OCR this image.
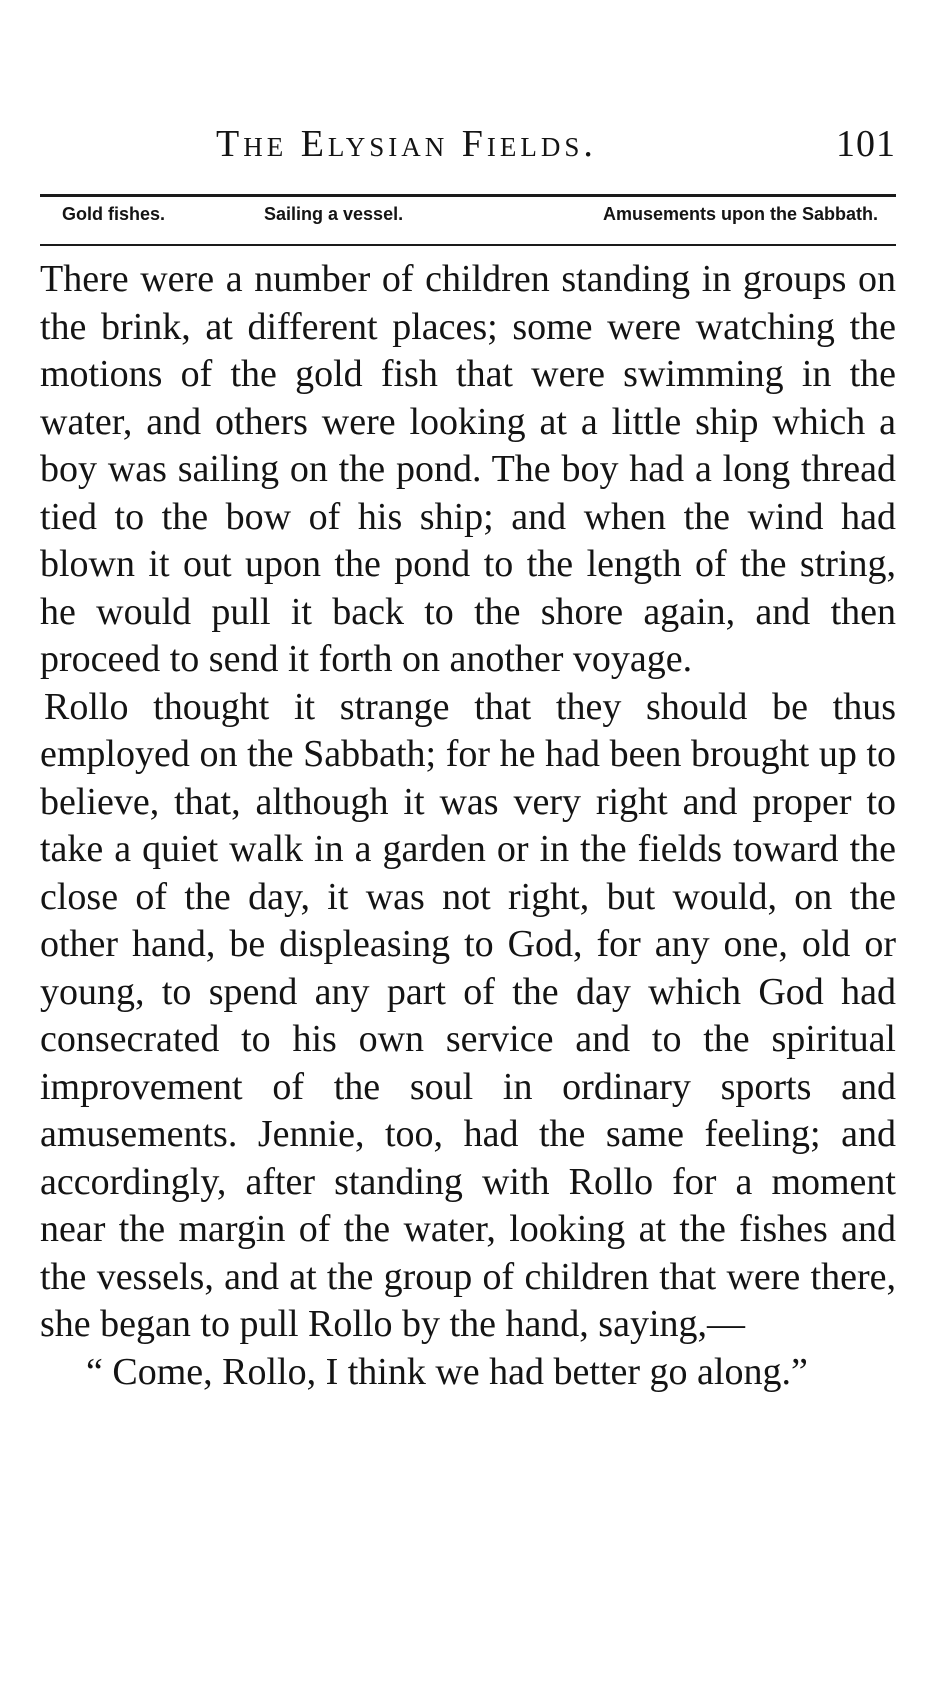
The Elysian Fields.	101
Gold fishes.	Sailing a vessel.	Amusements upon the Sabbath.

There were a number of children standing in groups on the brink, at different places; some were watching the motions of the gold fish that were swimming in the water, and others were looking at a little ship which a boy was sailing on the pond. The boy had a long thread tied to the bow of his ship; and when the wind had blown it out upon the pond to the length of the string, he would pull it back to the shore again, and then proceed to send it forth on another voyage.

Rollo thought it strange that they should be thus employed on the Sabbath; for he had been brought up to believe, that, although it was very right and proper to take a quiet walk in a garden or in the fields toward the close of the day, it was not right, but would, on the other hand, be displeasing to God, for any one, old or young, to spend any part of the day which God had consecrated to his own service and to the spiritual improvement of the soul in ordinary sports and amusements. Jennie, too, had the same feeling; and accordingly, after standing with Rollo for a moment near the margin of the water, looking at the fishes and the vessels, and at the group of children that were there, she began to pull Rollo by the hand, saying,—

“ Come, Rollo, I think we had better go along.”
